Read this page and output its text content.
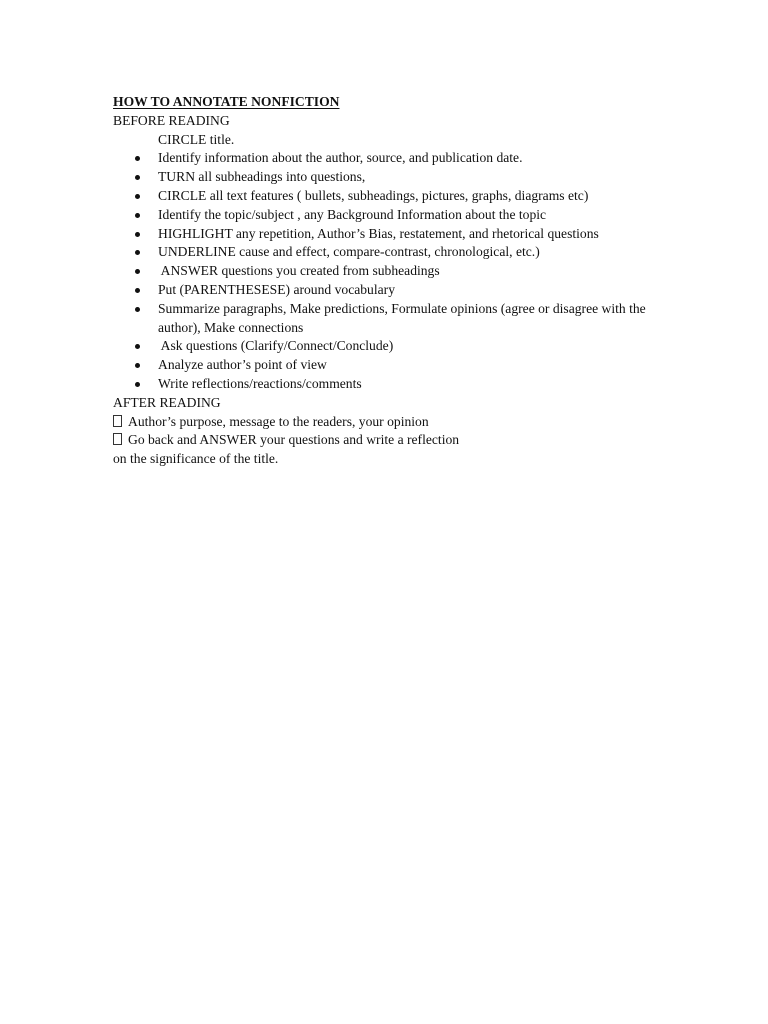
HOW TO ANNOTATE NONFICTION
BEFORE READING
CIRCLE title.
Identify information about the author, source, and publication date.
TURN all subheadings into questions,
CIRCLE all text features ( bullets, subheadings, pictures, graphs, diagrams etc)
Identify the topic/subject , any Background Information about the topic
HIGHLIGHT any repetition, Author’s Bias, restatement, and rhetorical questions
UNDERLINE cause and effect, compare-contrast, chronological, etc.)
ANSWER questions you created from subheadings
Put (PARENTHESESE) around vocabulary
Summarize paragraphs, Make predictions, Formulate opinions (agree or disagree with the author), Make connections
Ask questions (Clarify/Connect/Conclude)
Analyze author’s point of view
Write reflections/reactions/comments
AFTER READING
Author’s purpose, message to the readers, your opinion
Go back and ANSWER your questions and write a reflection
on the significance of the title.
